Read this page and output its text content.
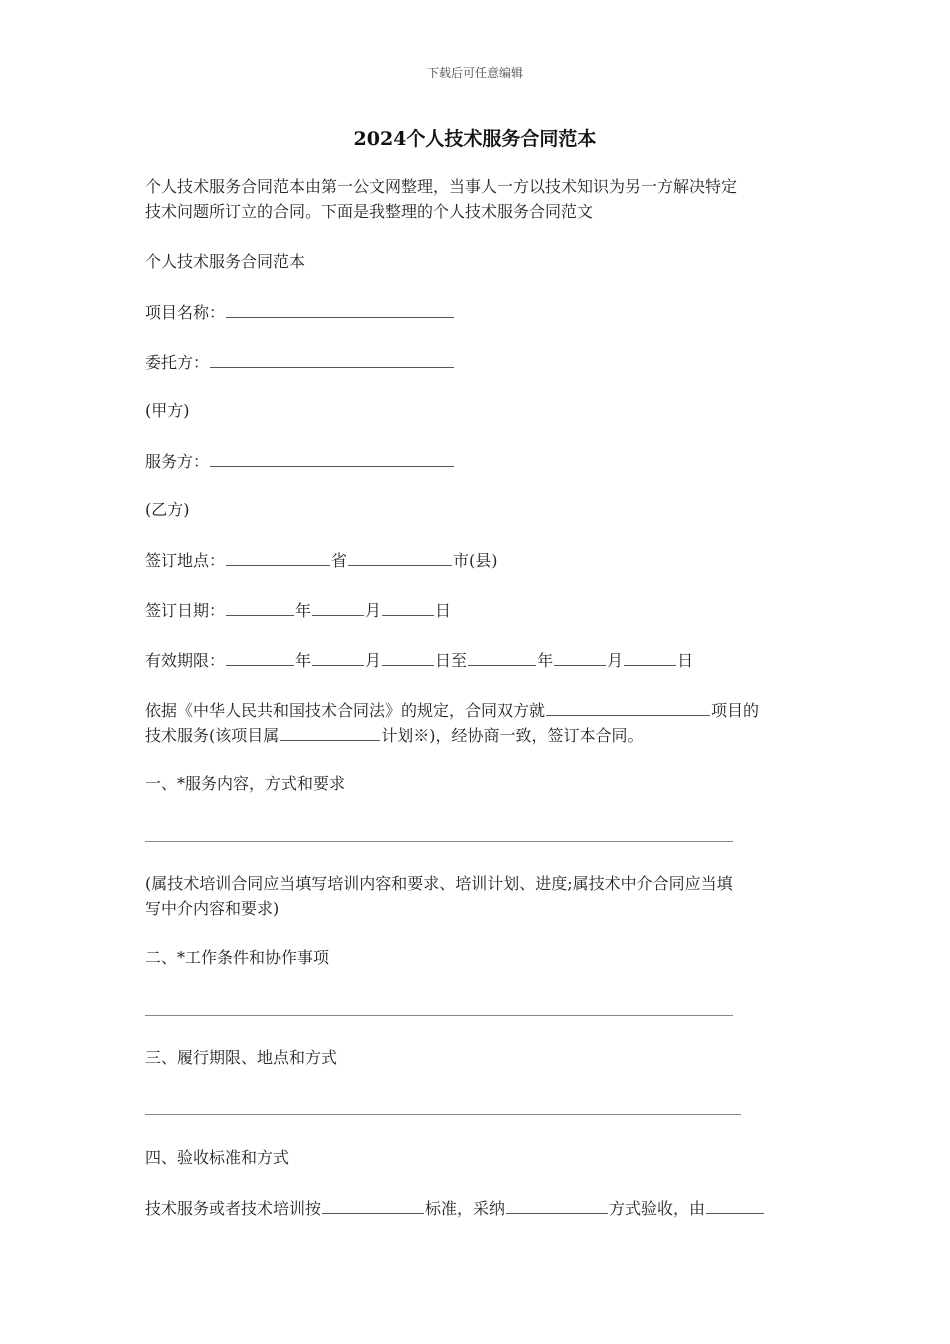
下载后可任意编辑
2024个人技术服务合同范本
个人技术服务合同范本由第一公文网整理，当事人一方以技术知识为另一方解决特定
技术问题所订立的合同。下面是我整理的个人技术服务合同范文
个人技术服务合同范本
项目名称：
委托方：
(甲方)
服务方：
(乙方)
签订地点：	省	市(县)
签订日期：	年	月	日
有效期限：	年	月	日至	年	月	日
依据《中华人民共和国技术合同法》的规定，合同双方就	项目的
技术服务(该项目属	计划※)，经协商一致，签订本合同。
一、*服务内容，方式和要求
(属技术培训合同应当填写培训内容和要求、培训计划、进度;属技术中介合同应当填
写中介内容和要求)
二、*工作条件和协作事项
三、履行期限、地点和方式
四、验收标准和方式
技术服务或者技术培训按	标准，采纳	方式验收，由
